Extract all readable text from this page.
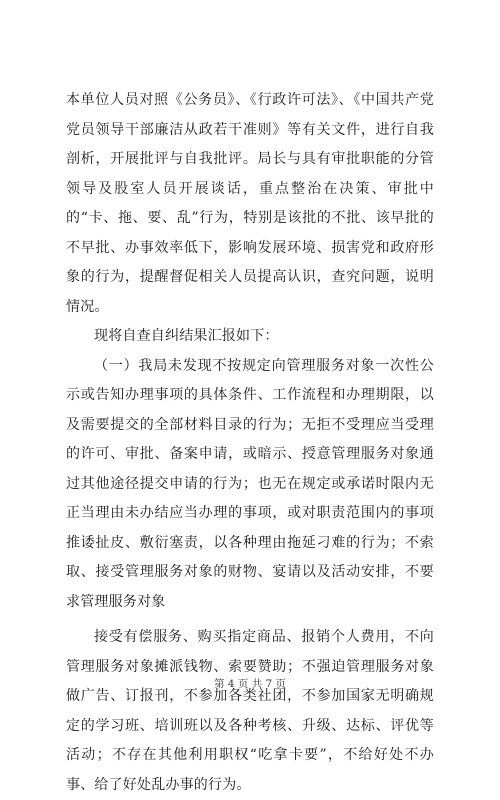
本单位人员对照《公务员》、《行政许可法》、《中国共产党党员领导干部廉洁从政若干准则》等有关文件，进行自我剖析，开展批评与自我批评。局长与具有审批职能的分管领导及股室人员开展谈话，重点整治在决策、审批中的“卡、拖、要、乱”行为，特别是该批的不批、该早批的不早批、办事效率低下，影响发展环境、损害党和政府形象的行为，提醒督促相关人员提高认识，查究问题，说明情况。

现将自查自纠结果汇报如下：

（一）我局未发现不按规定向管理服务对象一次性公示或告知办理事项的具体条件、工作流程和办理期限，以及需要提交的全部材料目录的行为；无拒不受理应当受理的许可、审批、备案申请，或暗示、授意管理服务对象通过其他途径提交申请的行为；也无在规定或承诺时限内无正当理由未办结应当办理的事项，或对职责范围内的事项推诿扯皮、敷衍塞责，以各种理由拖延刁难的行为；不索取、接受管理服务对象的财物、宴请以及活动安排，不要求管理服务对象

接受有偿服务、购买指定商品、报销个人费用，不向管理服务对象摊派钱物、索要赞助；不强迫管理服务对象做广告、订报刊，不参加各类社团，不参加国家无明确规定的学习班、培训班以及各种考核、升级、达标、评优等活动；不存在其他利用职权“吃拿卡要”，不给好处不办事、给了好处乱办事的行为。

第 4 页 共 7 页
